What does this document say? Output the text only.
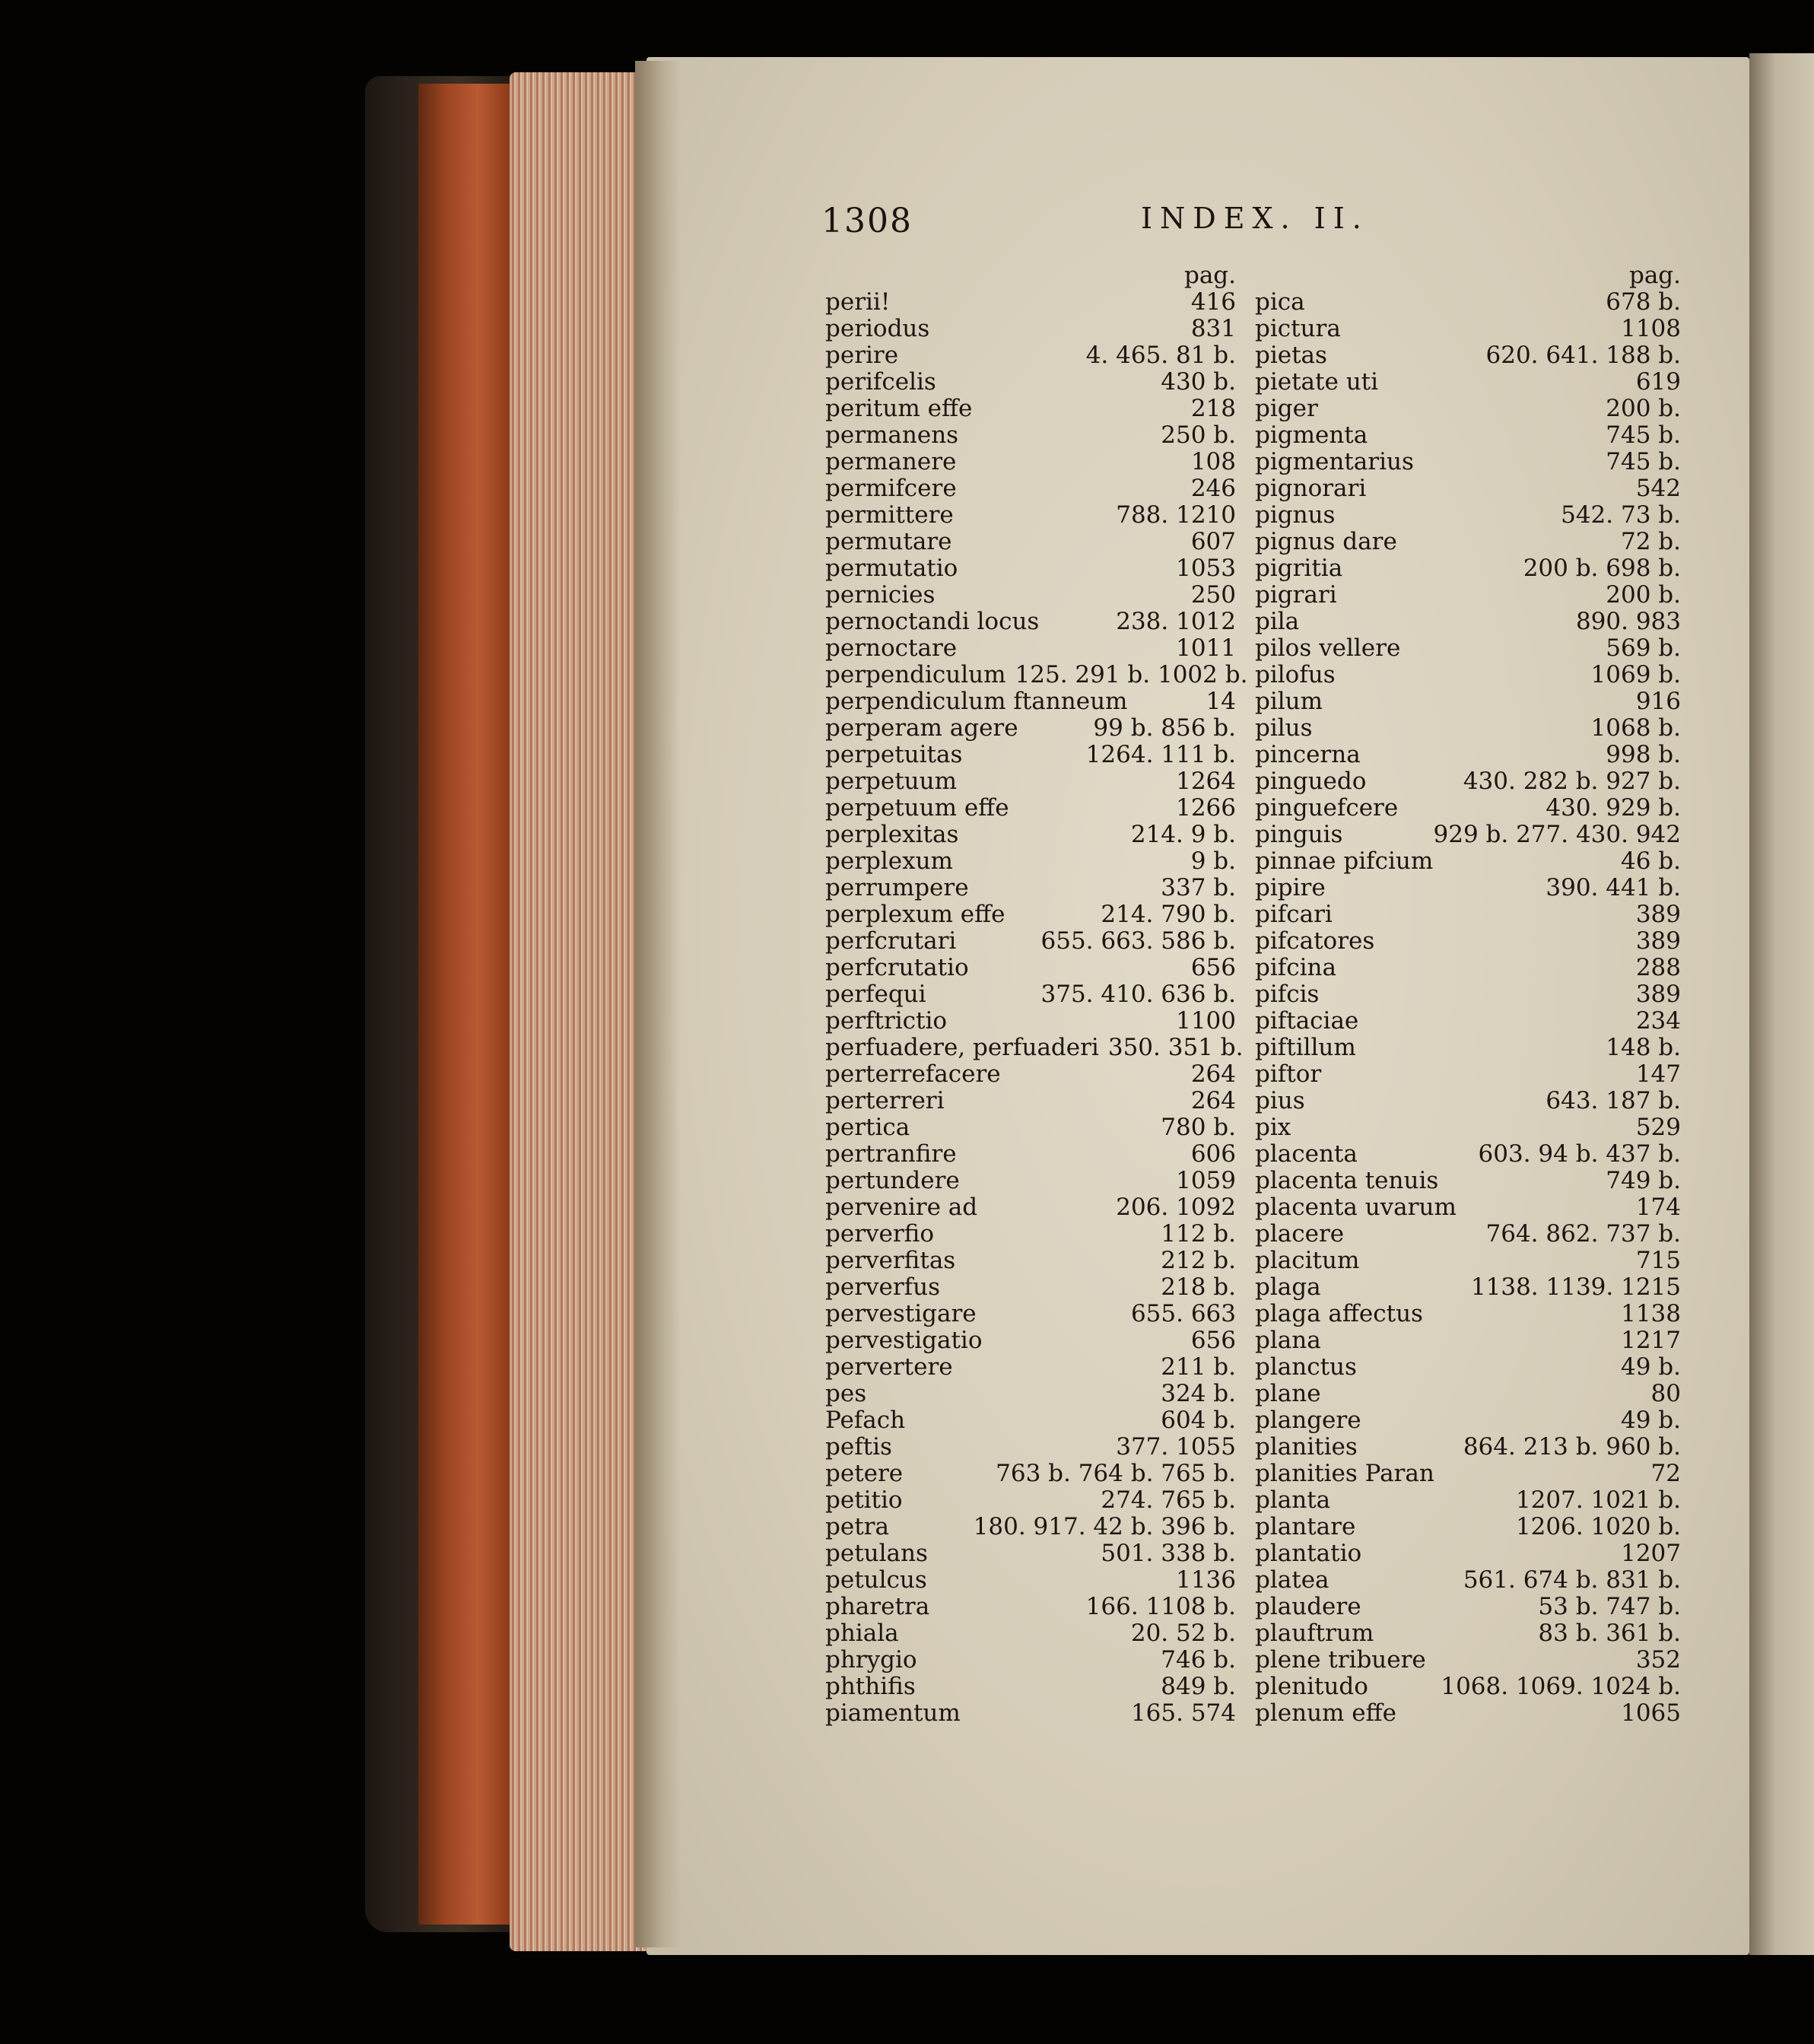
1308	INDEX. II.
pag.
perii!	416
periodus	831
perire	4. 465. 81 b.
perifcelis	430 b.
peritum effe	218
permanens	250 b.
permanere	108
permifcere	246
permittere	788. 1210
permutare	607
permutatio	1053
pernicies	250
pernoctandi locus	238. 1012
pernoctare	1011
perpendiculum 125. 291 b. 1002 b.
perpendiculum ftanneum	14
perperam agere	99 b. 856 b.
perpetuitas	1264. 111 b.
perpetuum	1264
perpetuum effe	1266
perplexitas	214. 9 b.
perplexum	9 b.
perrumpere	337 b.
perplexum effe	214. 790 b.
perfcrutari	655. 663. 586 b.
perfcrutatio	656
perfequi	375. 410. 636 b.
perftrictio	1100
perfuadere, perfuaderi 350. 351 b.
perterrefacere	264
perterreri	264
pertica	780 b.
pertranfire	606
pertundere	1059
pervenire ad	206. 1092
perverfio	112 b.
perverfitas	212 b.
perverfus	218 b.
pervestigare	655. 663
pervestigatio	656
pervertere	211 b.
pes	324 b.
Pefach	604 b.
peftis	377. 1055
petere	763 b. 764 b. 765 b.
petitio	274. 765 b.
petra	180. 917. 42 b. 396 b.
petulans	501. 338 b.
petulcus	1136
pharetra	166. 1108 b.
phiala	20. 52 b.
phrygio	746 b.
phthifis	849 b.
piamentum	165. 574
pag.
pica	678 b.
pictura	1108
pietas	620. 641. 188 b.
pietate uti	619
piger	200 b.
pigmenta	745 b.
pigmentarius	745 b.
pignorari	542
pignus	542. 73 b.
pignus dare	72 b.
pigritia	200 b. 698 b.
pigrari	200 b.
pila	890. 983
pilos vellere	569 b.
pilofus	1069 b.
pilum	916
pilus	1068 b.
pincerna	998 b.
pinguedo	430. 282 b. 927 b.
pinguefcere	430. 929 b.
pinguis	929 b. 277. 430. 942
pinnae pifcium	46 b.
pipire	390. 441 b.
pifcari	389
pifcatores	389
pifcina	288
pifcis	389
piftaciae	234
piftillum	148 b.
piftor	147
pius	643. 187 b.
pix	529
placenta	603. 94 b. 437 b.
placenta tenuis	749 b.
placenta uvarum	174
placere	764. 862. 737 b.
placitum	715
plaga	1138. 1139. 1215
plaga affectus	1138
plana	1217
planctus	49 b.
plane	80
plangere	49 b.
planities	864. 213 b. 960 b.
planities Paran	72
planta	1207. 1021 b.
plantare	1206. 1020 b.
plantatio	1207
platea	561. 674 b. 831 b.
plaudere	53 b. 747 b.
plauftrum	83 b. 361 b.
plene tribuere	352
plenitudo	1068. 1069. 1024 b.
plenum effe	1065
